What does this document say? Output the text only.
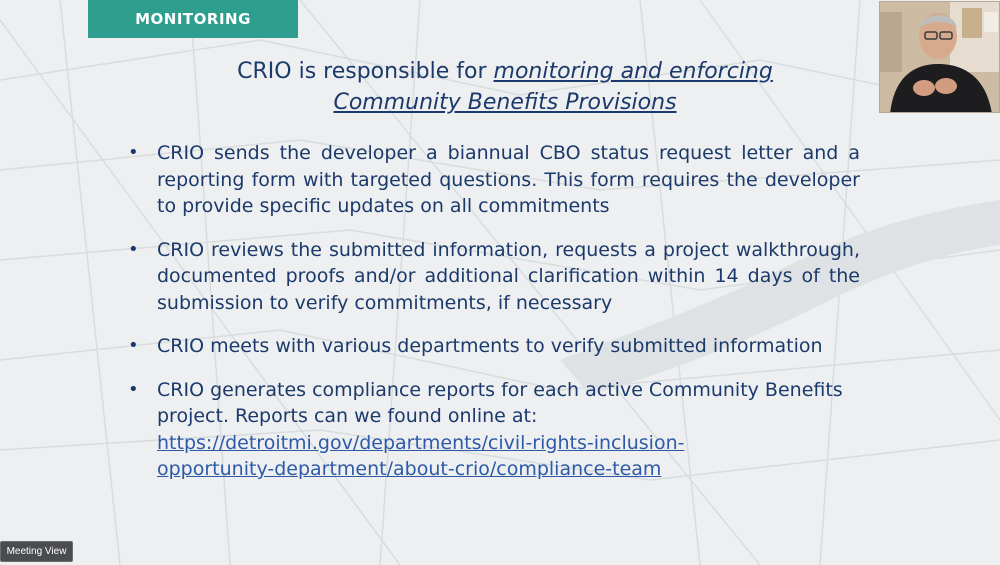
MONITORING
CRIO is responsible for monitoring and enforcing
Community Benefits Provisions
• CRIO sends the developer a biannual CBO status request letter and a reporting form with targeted questions. This form requires the developer to provide specific updates on all commitments
• CRIO reviews the submitted information, requests a project walkthrough, documented proofs and/or additional clarification within 14 days of the submission to verify commitments, if necessary
• CRIO meets with various departments to verify submitted information
• CRIO generates compliance reports for each active Community Benefits project. Reports can we found online at:
https://detroitmi.gov/departments/civil-rights-inclusion-
opportunity-department/about-crio/compliance-team
Meeting View
